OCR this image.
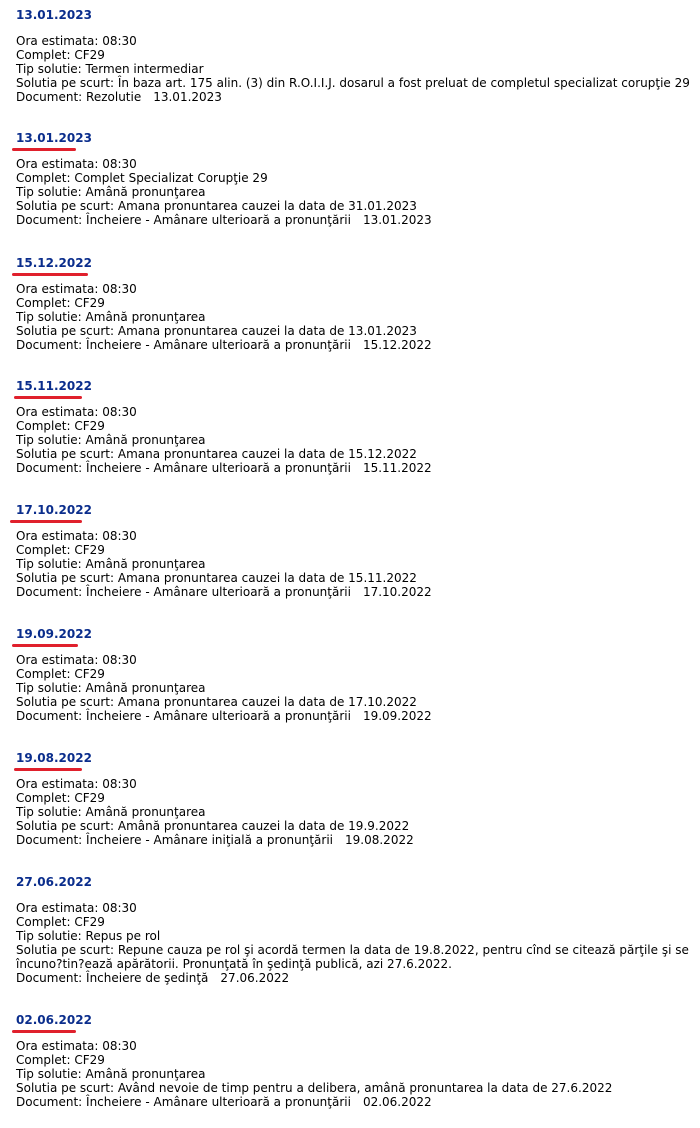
13.01.2023
Ora estimata: 08:30
Complet: CF29
Tip solutie: Termen intermediar
Solutia pe scurt: În baza art. 175 alin. (3) din R.O.I.I.J. dosarul a fost preluat de completul specializat corupţie 29
Document: Rezolutie 13.01.2023
13.01.2023
Ora estimata: 08:30
Complet: Complet Specializat Corupţie 29
Tip solutie: Amână pronunţarea
Solutia pe scurt: Amana pronuntarea cauzei la data de 31.01.2023
Document: Încheiere - Amânare ulterioară a pronunţării 13.01.2023
15.12.2022
Ora estimata: 08:30
Complet: CF29
Tip solutie: Amână pronunţarea
Solutia pe scurt: Amana pronuntarea cauzei la data de 13.01.2023
Document: Încheiere - Amânare ulterioară a pronunţării 15.12.2022
15.11.2022
Ora estimata: 08:30
Complet: CF29
Tip solutie: Amână pronunţarea
Solutia pe scurt: Amana pronuntarea cauzei la data de 15.12.2022
Document: Încheiere - Amânare ulterioară a pronunţării 15.11.2022
17.10.2022
Ora estimata: 08:30
Complet: CF29
Tip solutie: Amână pronunţarea
Solutia pe scurt: Amana pronuntarea cauzei la data de 15.11.2022
Document: Încheiere - Amânare ulterioară a pronunţării 17.10.2022
19.09.2022
Ora estimata: 08:30
Complet: CF29
Tip solutie: Amână pronunţarea
Solutia pe scurt: Amana pronuntarea cauzei la data de 17.10.2022
Document: Încheiere - Amânare ulterioară a pronunţării 19.09.2022
19.08.2022
Ora estimata: 08:30
Complet: CF29
Tip solutie: Amână pronunţarea
Solutia pe scurt: Amână pronuntarea cauzei la data de 19.9.2022
Document: Încheiere - Amânare iniţială a pronunţării 19.08.2022
27.06.2022
Ora estimata: 08:30
Complet: CF29
Tip solutie: Repus pe rol
Solutia pe scurt: Repune cauza pe rol şi acordă termen la data de 19.8.2022, pentru cînd se citează părţile şi se încuno?tin?ează apărătorii. Pronunţată în şedinţă publică, azi 27.6.2022.
Document: Încheiere de şedinţă 27.06.2022
02.06.2022
Ora estimata: 08:30
Complet: CF29
Tip solutie: Amână pronunţarea
Solutia pe scurt: Având nevoie de timp pentru a delibera, amână pronuntarea la data de 27.6.2022
Document: Încheiere - Amânare ulterioară a pronunţării 02.06.2022
